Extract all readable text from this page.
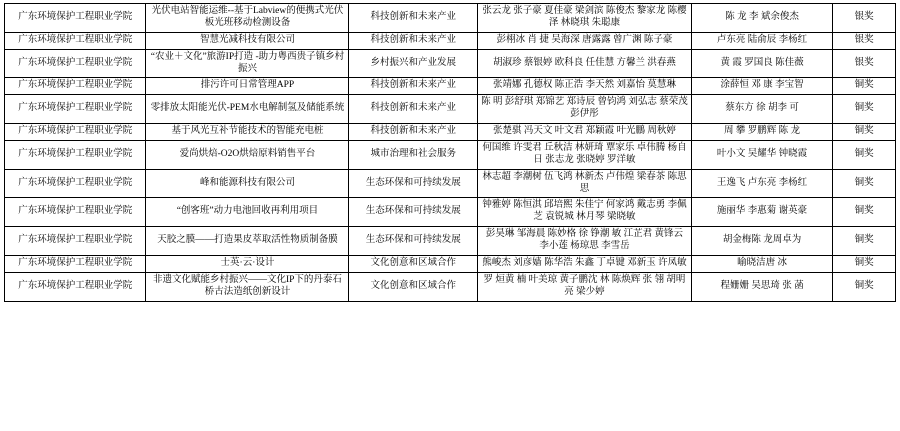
广东环境保护工程职业学院	光伏电站智能运维--基于Labview的便携式光伏板光班移动检测设备	科技创新和未来产业	张云龙 张子豪 夏佳豪 梁剑滨 陈俊杰 黎家龙 陈樱泽 林晓琪 朱聪康	陈 龙 李 斌余俊杰	银奖
广东环境保护工程职业学院	智慧光减科技有限公司	科技创新和未来产业	彭栩冰 肖 捷 吴海深 唐露露 曾广渊 陈子豪	卢东亮 陆俞辰 李杨红	银奖
广东环境保护工程职业学院	“农业＋文化”旅游IP打造 -助力粤西贵子镇乡村振兴	乡村振兴和产业发展	胡淑珍 蔡银婷 欧科良 任佳慧 方馨兰 洪春燕	黄 霞 罗国良 陈佳薇	银奖
广东环境保护工程职业学院	排污许可日常管理APP	科技创新和未来产业	张靖娜 孔德权 陈正浩 李天然 刘嘉怡 莫慧琳	涂薛恒 邓 康 李宝智	铜奖
广东环境保护工程职业学院	零排放太阳能光伏-PEM水电解制氢及储能系统	科技创新和未来产业	陈 明 彭舒琪 郑锦艺 郑诗辰 曾钧鸿 刘弘志 蔡荣茂 彭伊彤	蔡东方 徐 胡李 可	铜奖
广东环境保护工程职业学院	基于风光互补节能技术的智能充电桩	科技创新和未来产业	张楚骐 冯天文 叶文君 郑颖霞 叶光鵬 周秋婷	周 攀 罗鹏辉 陈 龙	铜奖
广东环境保护工程职业学院	爱尚烘焙-O2O烘焙原料销售平台	城市治理和社会服务	何国维 许雯君 丘秋洁 林妍琦 覃家乐 卓伟腾 杨自日 张志龙 张晓婷 罗洋敏	叶小文 吴耀华 钟晓霞	铜奖
广东环境保护工程职业学院	峰和能源科技有限公司	生态环保和可持续发展	林志超 李潮树 伍飞鸿 林新杰 卢伟煌 梁春茶 陈思思	王逸飞 卢东亮 李杨红	铜奖
广东环境保护工程职业学院	“创客班”动力电池回收再利用项目	生态环保和可持续发展	钟雅婷 陈恒淇 邱培熙 朱佳宁 何家鸿 戴志勇 李佩芝 袁锐城 林月琴 梁晓敏	施丽华 李惠菊 谢英豪	铜奖
广东环境保护工程职业学院	天胶之膜——打造果皮萃取活性物质制备膜	生态环保和可持续发展	彭昊琳 邹海晨 陈妙格 徐 铮潮 敏 江芷君 黄锋云 李小莲 杨琼思 李雪岳	胡金梅陈 龙周卓为	铜奖
广东环境保护工程职业学院	士英·云·设计	文化创意和区域合作	熊峻杰 刘彦嫱 陈华浩 朱鑫 丁卓键 邓新玉 许凤敏	喻晓洁唐 冰	铜奖
广东环境保护工程职业学院	非遗文化赋能乡村振兴——文化IP下的丹泰石桥古法造纸创新设计	文化创意和区域合作	罗 烜黄 楠 叶美琼 黄子鹏沈 林 陈焕辉 张 翎 胡明亮 梁少婷	程姗姗 吴思琦 张 菡	铜奖
